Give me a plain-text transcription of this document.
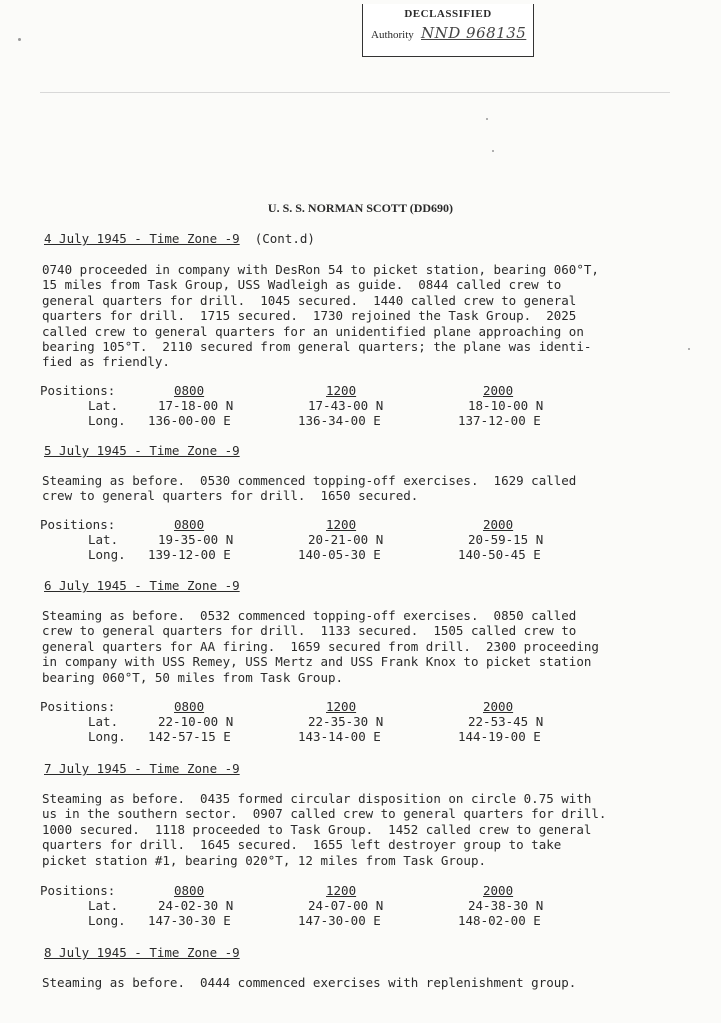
DECLASSIFIED
Authority NND 968135
U. S. S. NORMAN SCOTT (DD690)
4 July 1945 - Time Zone -9 (Cont.d)
0740 proceeded in company with DesRon 54 to picket station, bearing 060°T,
15 miles from Task Group, USS Wadleigh as guide.  0844 called crew to
general quarters for drill.  1045 secured.  1440 called crew to general
quarters for drill.  1715 secured.  1730 rejoined the Task Group.  2025
called crew to general quarters for an unidentified plane approaching on
bearing 105°T.  2110 secured from general quarters; the plane was identi-
fied as friendly.
Positions:	0800	1200	2000
Lat.	17-18-00 N	17-43-00 N	18-10-00 N
Long. 136-00-00 E	136-34-00 E	137-12-00 E
5 July 1945 - Time Zone -9
Steaming as before.  0530 commenced topping-off exercises.  1629 called
crew to general quarters for drill.  1650 secured.
Positions:	0800	1200	2000
Lat.	19-35-00 N	20-21-00 N	20-59-15 N
Long. 139-12-00 E	140-05-30 E	140-50-45 E
6 July 1945 - Time Zone -9
Steaming as before.  0532 commenced topping-off exercises.  0850 called
crew to general quarters for drill.  1133 secured.  1505 called crew to
general quarters for AA firing.  1659 secured from drill.  2300 proceeding
in company with USS Remey, USS Mertz and USS Frank Knox to picket station
bearing 060°T, 50 miles from Task Group.
Positions:	0800	1200	2000
Lat.	22-10-00 N	22-35-30 N	22-53-45 N
Long. 142-57-15 E	143-14-00 E	144-19-00 E
7 July 1945 - Time Zone -9
Steaming as before.  0435 formed circular disposition on circle 0.75 with
us in the southern sector.  0907 called crew to general quarters for drill.
1000 secured.  1118 proceeded to Task Group.  1452 called crew to general
quarters for drill.  1645 secured.  1655 left destroyer group to take
picket station #1, bearing 020°T, 12 miles from Task Group.
Positions:	0800	1200	2000
Lat.	24-02-30 N	24-07-00 N	24-38-30 N
Long. 147-30-30 E	147-30-00 E	148-02-00 E
8 July 1945 - Time Zone -9
Steaming as before.  0444 commenced exercises with replenishment group.
